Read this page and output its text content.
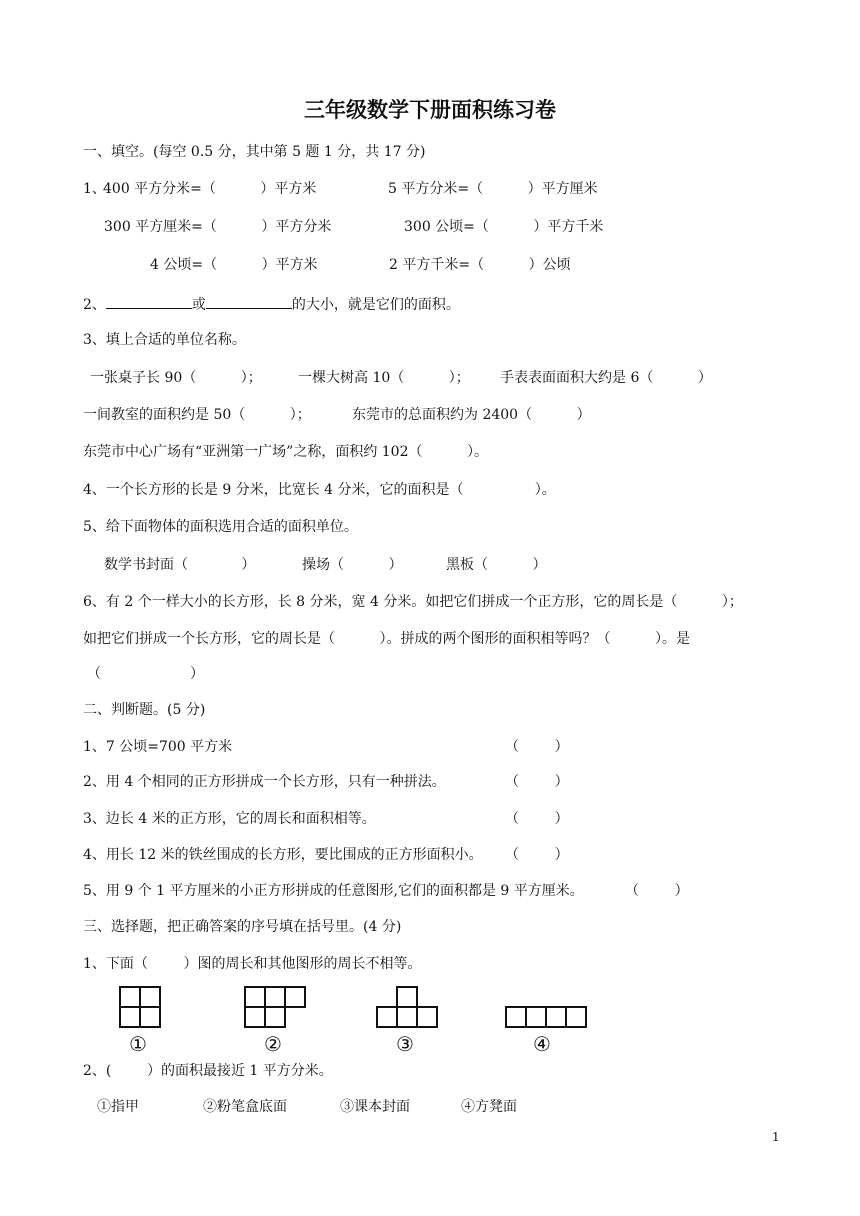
三年级数学下册面积练习卷
一、填空。(每空 0.5 分，其中第 5 题 1 分，共 17 分)
1、
400 平方分米=（          ）平方米	5 平方分米=（          ）平方厘米
300 平方厘米=（          ）平方分米	300 公顷=（          ）平方千米
4 公顷=（          ）平方米	2 平方千米=（          ）公顷
2、	或	的大小，就是它们的面积。
3、填上合适的单位名称。
一张桌子长 90（          ）；	一棵大树高 10（          ）； 手表表面面积大约是 6（          ）
一间教室的面积约是 50（          ）；	东莞市的总面积约为 2400（          ）
东莞市中心广场有“亚洲第一广场”之称，面积约 102（          ）。
4、一个长方形的长是 9 分米，比宽长 4 分米，它的面积是（                ）。
5、给下面物体的面积选用合适的面积单位。
数学书封面（            ）	操场（          ）	黑板（          ）
6、有 2 个一样大小的长方形，长 8 分米，宽 4 分米。如把它们拼成一个正方形，它的周长是（          ）；
如把它们拼成一个长方形，它的周长是（          ）。拼成的两个图形的面积相等吗？（          ）。是
（                    ）
二、判断题。(5 分)
1、7 公顷=700 平方米	（        ）
2、用 4 个相同的正方形拼成一个长方形，只有一种拼法。	（        ）
3、边长 4 米的正方形，它的周长和面积相等。	（        ）
4、用长 12 米的铁丝围成的长方形，要比围成的正方形面积小。 （        ）
5、用 9 个 1 平方厘米的小正方形拼成的任意图形,它们的面积都是 9 平方厘米。	（        ）
三、选择题，把正确答案的序号填在括号里。(4 分)
1、下面（        ）图的周长和其他图形的周长不相等。
①	②	③	④
2、(        ）的面积最接近 1 平方分米。
①指甲	②粉笔盒底面	③课本封面	④方凳面
1
